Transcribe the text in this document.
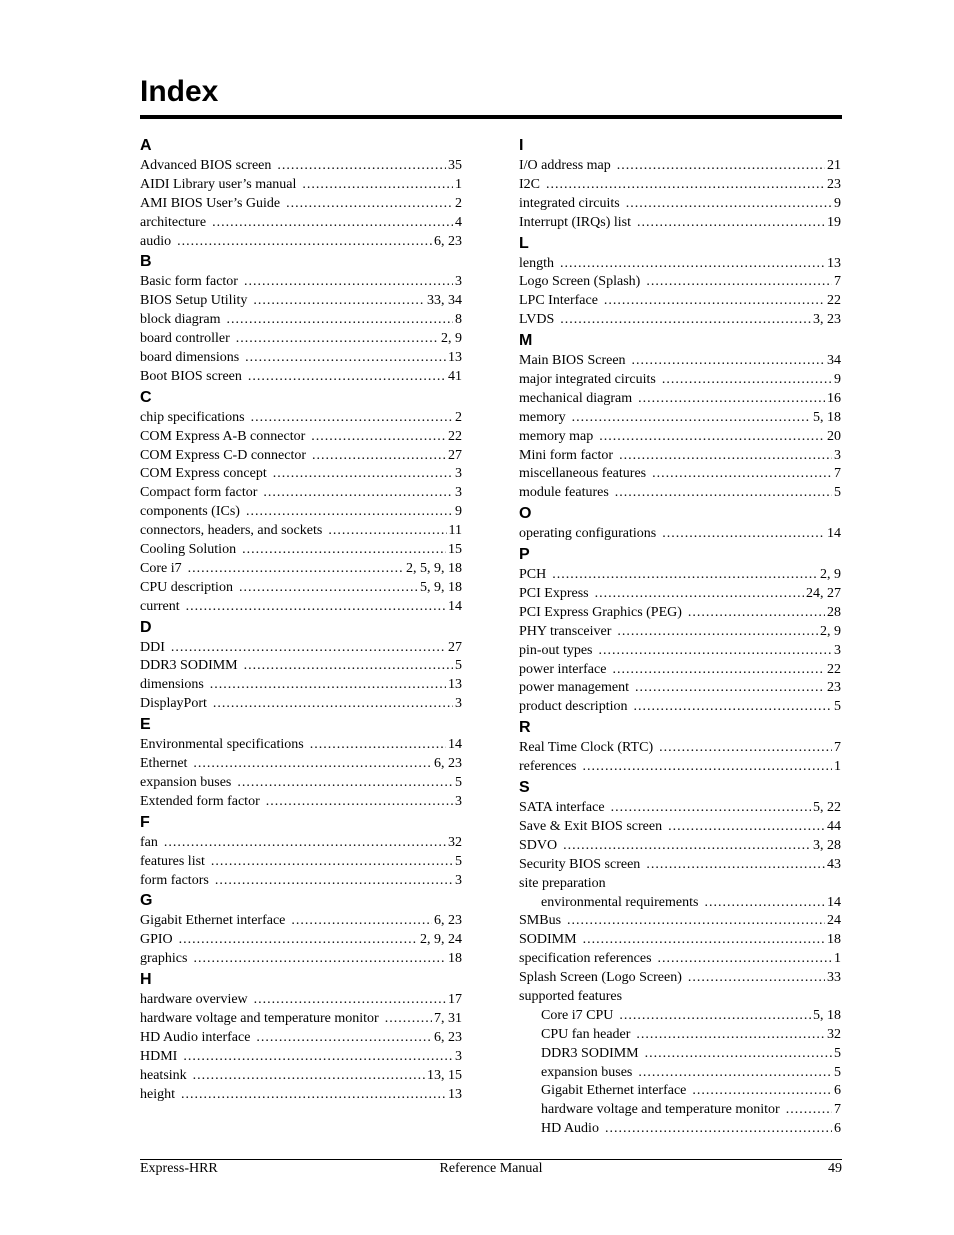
Index
A
Advanced BIOS screen .....	35
AIDI Library user’s manual .....	1
AMI BIOS User’s Guide .....	2
architecture .....	4
audio .....	6, 23
B
Basic form factor .....	3
BIOS Setup Utility .....	33, 34
block diagram .....	8
board controller .....	2, 9
board dimensions .....	13
Boot BIOS screen .....	41
C
chip specifications .....	2
COM Express A-B connector .....	22
COM Express C-D connector .....	27
COM Express concept .....	3
Compact form factor .....	3
components (ICs) .....	9
connectors, headers, and sockets .....	11
Cooling Solution .....	15
Core i7 .....	2, 5, 9, 18
CPU description .....	5, 9, 18
current .....	14
D
DDI .....	27
DDR3 SODIMM .....	5
dimensions .....	13
DisplayPort .....	3
E
Environmental specifications .....	14
Ethernet .....	6, 23
expansion buses .....	5
Extended form factor .....	3
F
fan .....	32
features list .....	5
form factors .....	3
G
Gigabit Ethernet interface .....	6, 23
GPIO .....	2, 9, 24
graphics .....	18
H
hardware overview .....	17
hardware voltage and temperature monitor .....	7, 31
HD Audio interface .....	6, 23
HDMI .....	3
heatsink .....	13, 15
height .....	13
I
I/O address map .....	21
I2C .....	23
integrated circuits .....	9
Interrupt (IRQs) list .....	19
L
length .....	13
Logo Screen (Splash) .....	7
LPC Interface .....	22
LVDS .....	3, 23
M
Main BIOS Screen .....	34
major integrated circuits .....	9
mechanical diagram .....	16
memory .....	5, 18
memory map .....	20
Mini form factor .....	3
miscellaneous features .....	7
module features .....	5
O
operating configurations .....	14
P
PCH .....	2, 9
PCI Express .....	24, 27
PCI Express Graphics (PEG) .....	28
PHY transceiver .....	2, 9
pin-out types .....	3
power interface .....	22
power management .....	23
product description .....	5
R
Real Time Clock (RTC) .....	7
references .....	1
S
SATA interface .....	5, 22
Save & Exit BIOS screen .....	44
SDVO .....	3, 28
Security BIOS screen .....	43
site preparation
environmental requirements .....	14
SMBus .....	24
SODIMM .....	18
specification references .....	1
Splash Screen (Logo Screen) .....	33
supported features
Core i7 CPU .....	5, 18
CPU fan header .....	32
DDR3 SODIMM .....	5
expansion buses .....	5
Gigabit Ethernet interface .....	6
hardware voltage and temperature monitor .....	7
HD Audio .....	6
Express-HRR	Reference Manual	49
